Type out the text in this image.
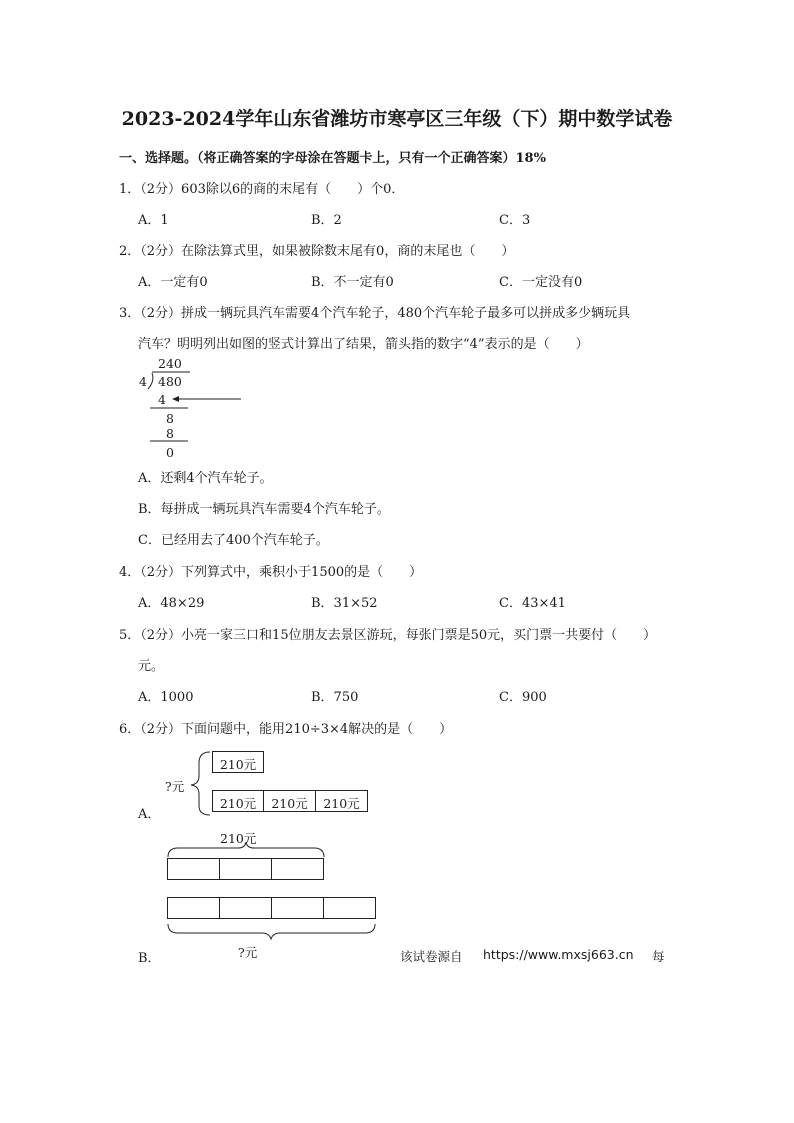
2023-2024学年山东省潍坊市寒亭区三年级（下）期中数学试卷
一、选择题。（将正确答案的字母涂在答题卡上，只有一个正确答案）18%
1．（2分）603除以6的商的末尾有（　　）个0．
A．1	B．2	C．3
2．（2分）在除法算式里，如果被除数末尾有0，商的末尾也（　　）
A．一定有0	B．不一定有0	C．一定没有0
3．（2分）拼成一辆玩具汽车需要4个汽车轮子，480个汽车轮子最多可以拼成多少辆玩具
汽车？明明列出如图的竖式计算出了结果，箭头指的数字“4”表示的是（　　）
240
4 480
4
8
8
0
A．还剩4个汽车轮子。
B．每拼成一辆玩具汽车需要4个汽车轮子。
C．已经用去了400个汽车轮子。
4．（2分）下列算式中，乘积小于1500的是（　　）
A．48×29	B．31×52	C．43×41
5．（2分）小亮一家三口和15位朋友去景区游玩，每张门票是50元，买门票一共要付（　　）
元。
A．1000	B．750	C．900
6．（2分）下面问题中，能用210÷3×4解决的是（　　）
?元
210元
210元	210元	210元
A．
210元
?元
B．	该试卷源自 https://www.mxsj663.cn 每
